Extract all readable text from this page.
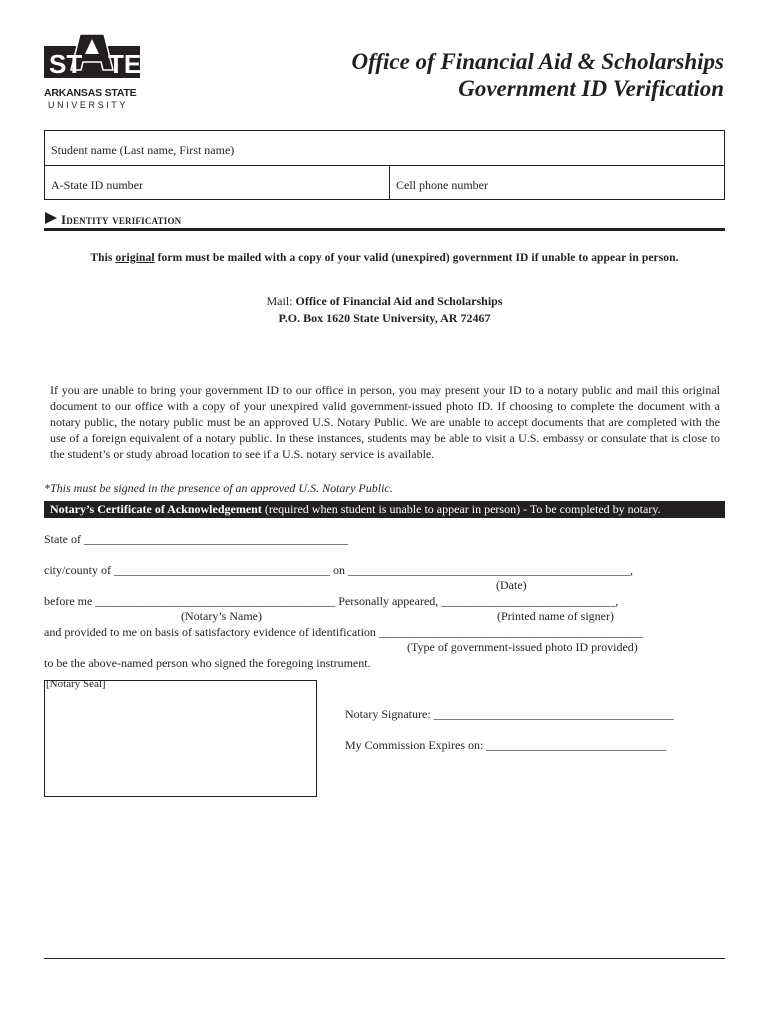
ST TE
ARKANSAS STATE
UNIVERSITY
Office of Financial Aid & Scholarships
Government ID Verification
Student name (Last name, First name)
A-State ID number	Cell phone number
Identity verification
This original form must be mailed with a copy of your valid (unexpired) government ID if unable to appear in person.
Mail: Office of Financial Aid and Scholarships
P.O. Box 1620 State University, AR 72467
If you are unable to bring your government ID to our office in person, you may present your ID to a notary public and mail this original document to our office with a copy of your unexpired valid government-issued photo ID. If choosing to complete the document with a notary public, the notary public must be an approved U.S. Notary Public. We are unable to accept documents that are completed with the use of a foreign equivalent of a notary public. In these instances, students may be able to visit a U.S. embassy or consulate that is close to the student’s or study abroad location to see if a U.S. notary service is available.
*This must be signed in the presence of an approved U.S. Notary Public.
Notary’s Certificate of Acknowledgement (required when student is unable to appear in person) - To be completed by notary.
State of ____________________________________________
city/county of ____________________________________ on _______________________________________________,
(Date)
before me ________________________________________ Personally appeared, _____________________________,
(Notary’s Name)	(Printed name of signer)
and provided to me on basis of satisfactory evidence of identification ____________________________________________
(Type of government-issued photo ID provided)
to be the above-named person who signed the foregoing instrument.
[Notary Seal]
Notary Signature: ________________________________________
My Commission Expires on: ______________________________
